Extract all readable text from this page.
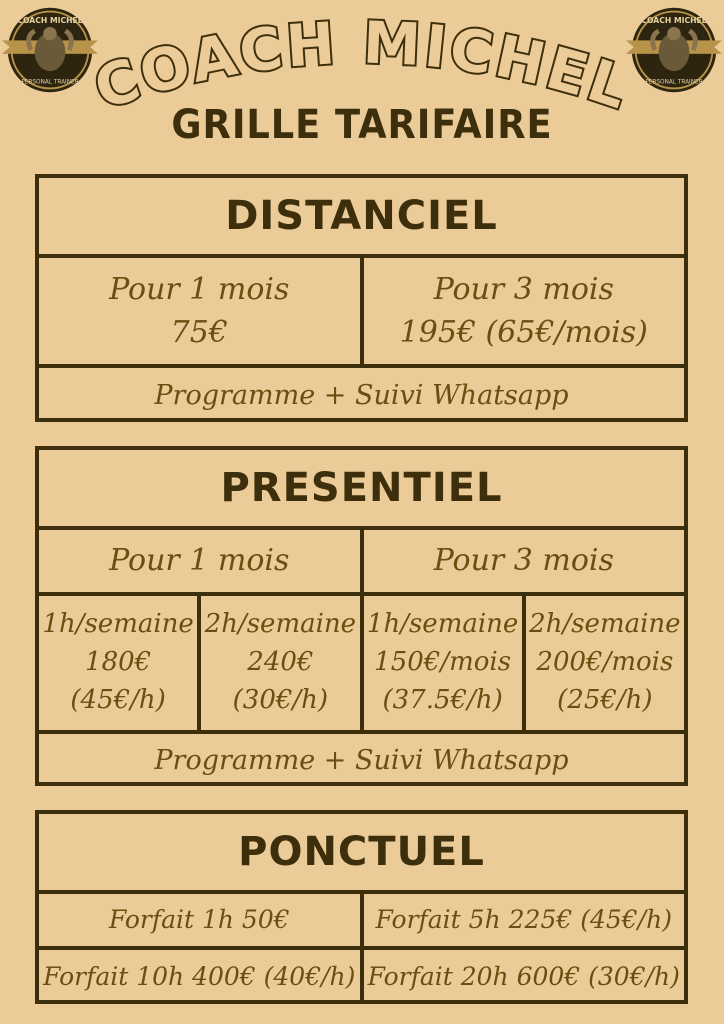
COACH MICHEL
PERSONAL TRAINER
COACH MICHEL
PERSONAL TRAINER
COACH MICHEL
GRILLE TARIFAIRE
DISTANCIEL
Pour 1 mois
75€
Pour 3 mois
195€ (65€/mois)
Programme + Suivi Whatsapp
PRESENTIEL
Pour 1 mois	Pour 3 mois
1h/semaine
180€
(45€/h)
2h/semaine
240€
(30€/h)
1h/semaine
150€/mois
(37.5€/h)
2h/semaine
200€/mois
(25€/h)
Programme + Suivi Whatsapp
PONCTUEL
Forfait 1h 50€	Forfait 5h 225€ (45€/h)
Forfait 10h 400€ (40€/h) Forfait 20h 600€ (30€/h)
